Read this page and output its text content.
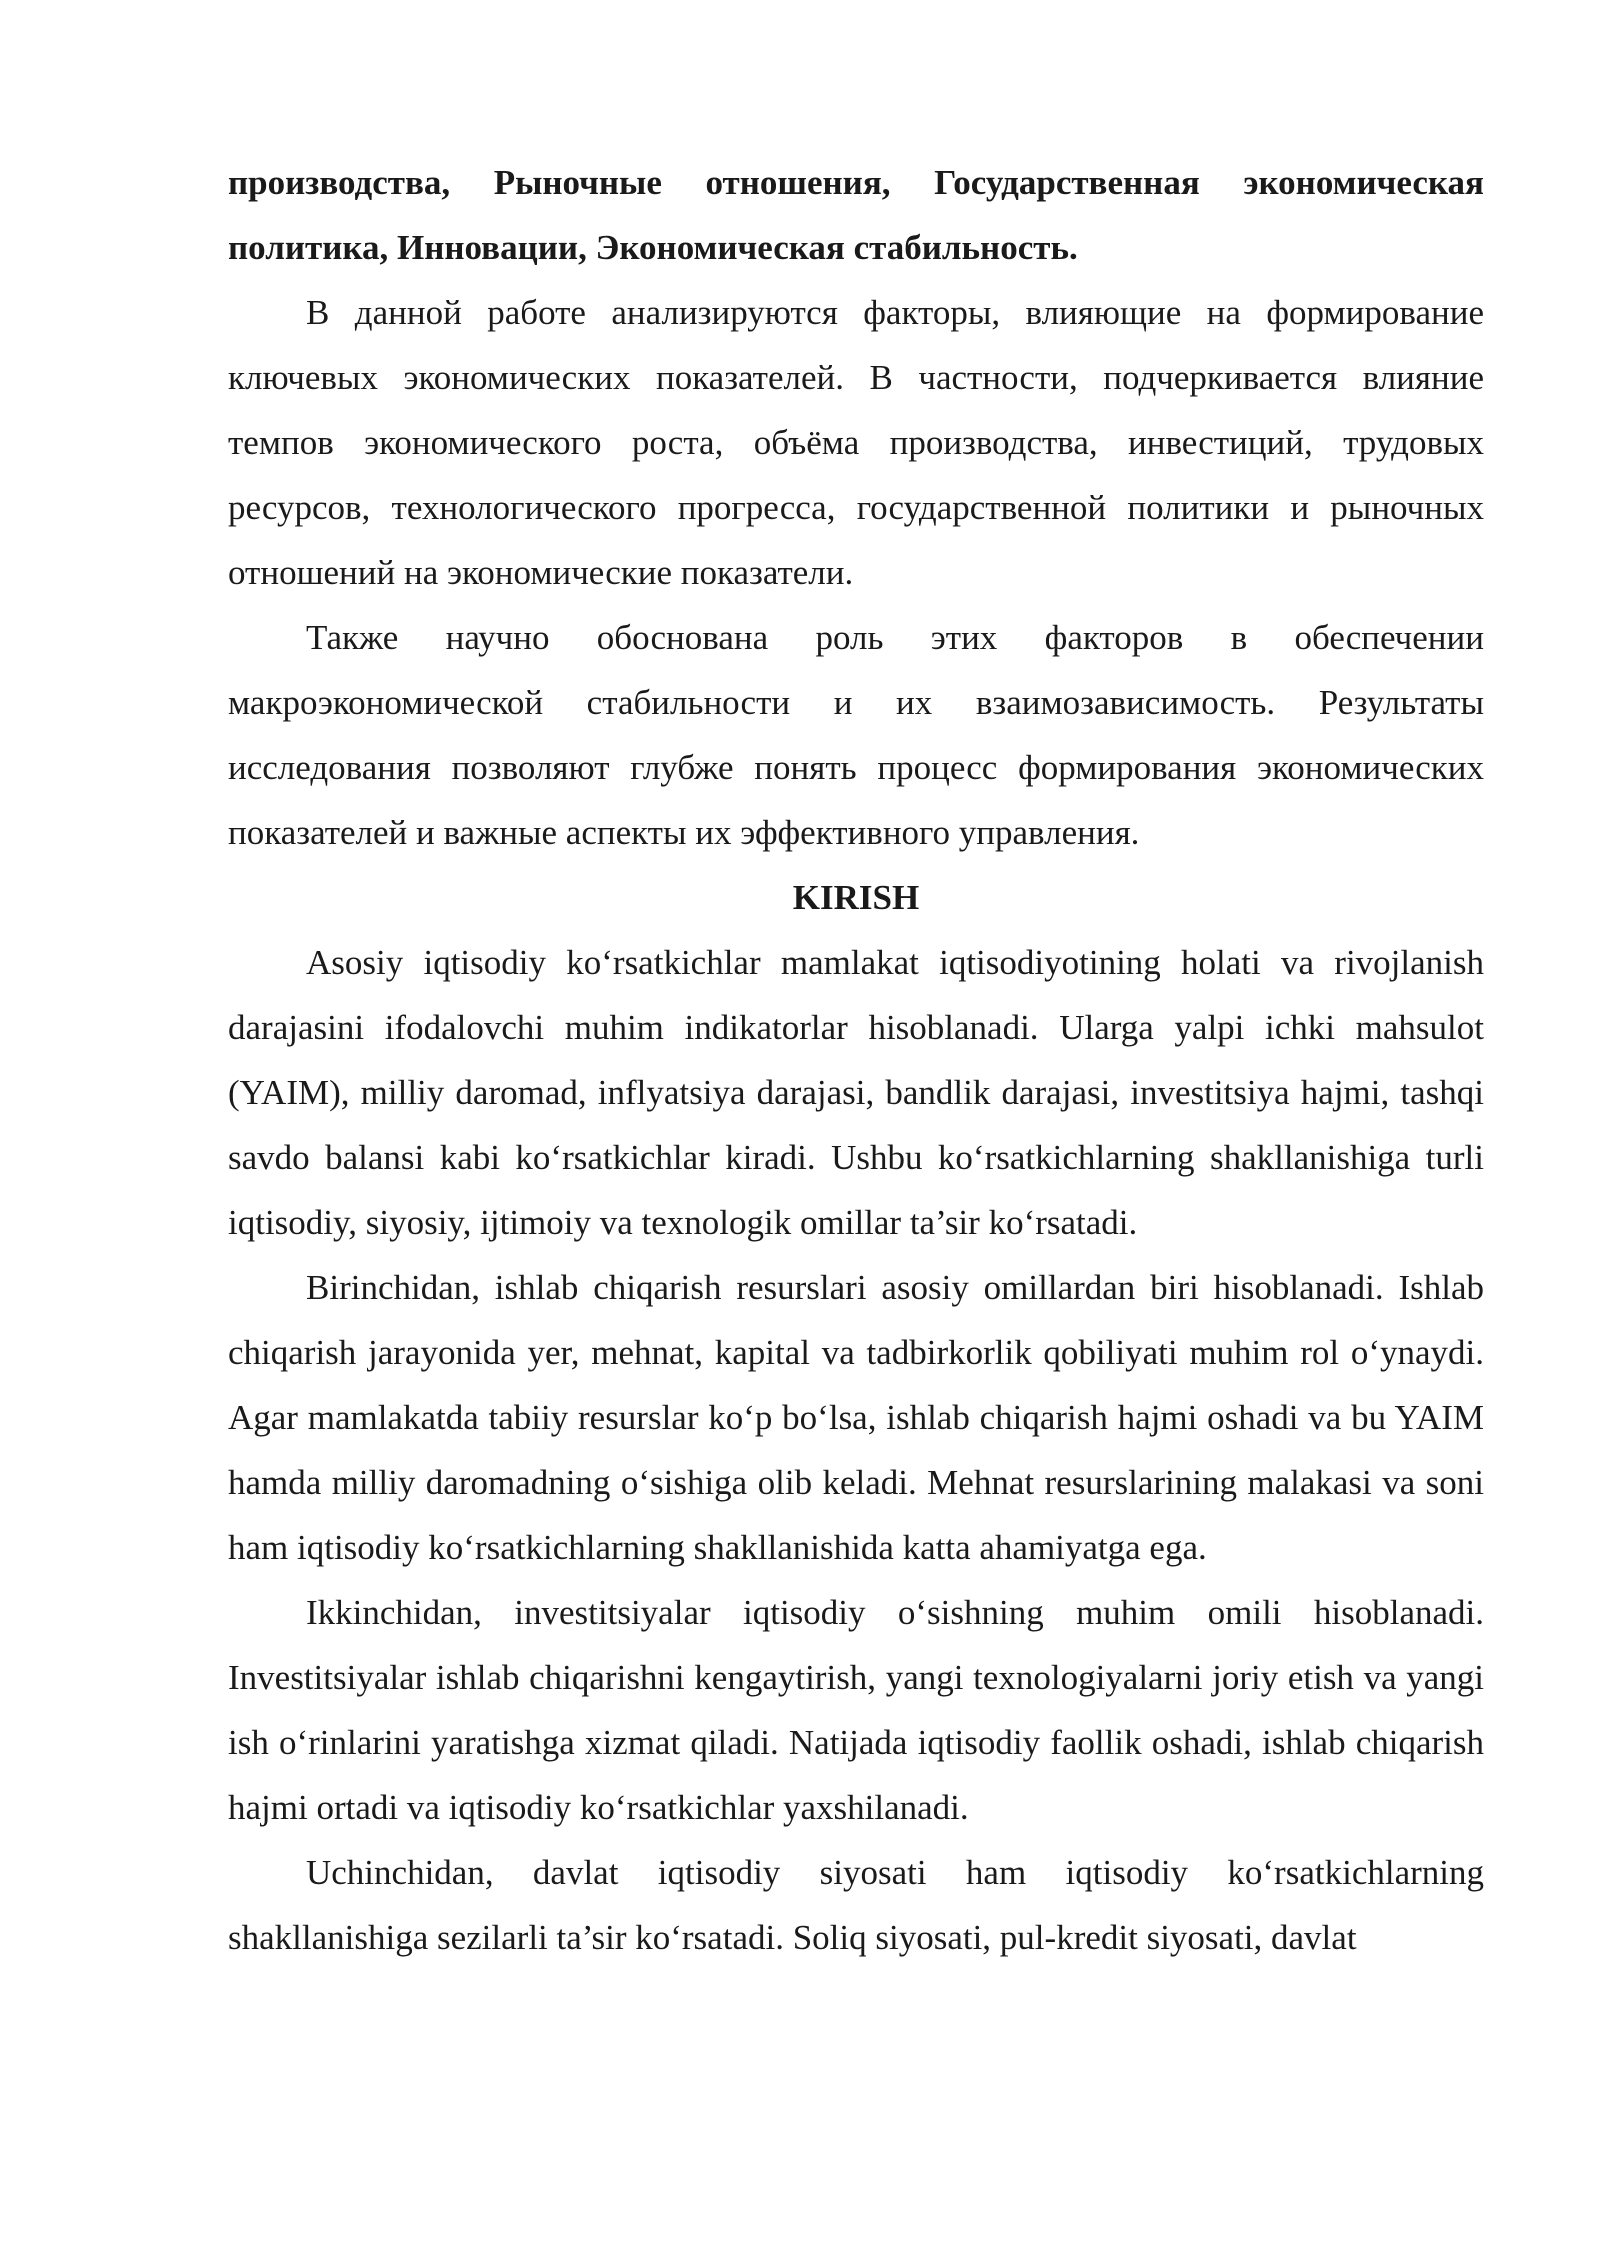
производства, Рыночные отношения, Государственная экономическая политика, Инновации, Экономическая стабильность.

В данной работе анализируются факторы, влияющие на формирование ключевых экономических показателей. В частности, подчеркивается влияние темпов экономического роста, объёма производства, инвестиций, трудовых ресурсов, технологического прогресса, государственной политики и рыночных отношений на экономические показатели.

Также научно обоснована роль этих факторов в обеспечении макроэкономической стабильности и их взаимозависимость. Результаты исследования позволяют глубже понять процесс формирования экономических показателей и важные аспекты их эффективного управления.

KIRISH

Asosiy iqtisodiy ko‘rsatkichlar mamlakat iqtisodiyotining holati va rivojlanish darajasini ifodalovchi muhim indikatorlar hisoblanadi. Ularga yalpi ichki mahsulot (YAIM), milliy daromad, inflyatsiya darajasi, bandlik darajasi, investitsiya hajmi, tashqi savdo balansi kabi ko‘rsatkichlar kiradi. Ushbu ko‘rsatkichlarning shakllanishiga turli iqtisodiy, siyosiy, ijtimoiy va texnologik omillar ta’sir ko‘rsatadi.

Birinchidan, ishlab chiqarish resurslari asosiy omillardan biri hisoblanadi. Ishlab chiqarish jarayonida yer, mehnat, kapital va tadbirkorlik qobiliyati muhim rol o‘ynaydi. Agar mamlakatda tabiiy resurslar ko‘p bo‘lsa, ishlab chiqarish hajmi oshadi va bu YAIM hamda milliy daromadning o‘sishiga olib keladi. Mehnat resurslarining malakasi va soni ham iqtisodiy ko‘rsatkichlarning shakllanishida katta ahamiyatga ega.

Ikkinchidan, investitsiyalar iqtisodiy o‘sishning muhim omili hisoblanadi. Investitsiyalar ishlab chiqarishni kengaytirish, yangi texnologiyalarni joriy etish va yangi ish o‘rinlarini yaratishga xizmat qiladi. Natijada iqtisodiy faollik oshadi, ishlab chiqarish hajmi ortadi va iqtisodiy ko‘rsatkichlar yaxshilanadi.

Uchinchidan, davlat iqtisodiy siyosati ham iqtisodiy ko‘rsatkichlarning shakllanishiga sezilarli ta’sir ko‘rsatadi. Soliq siyosati, pul-kredit siyosati, davlat
